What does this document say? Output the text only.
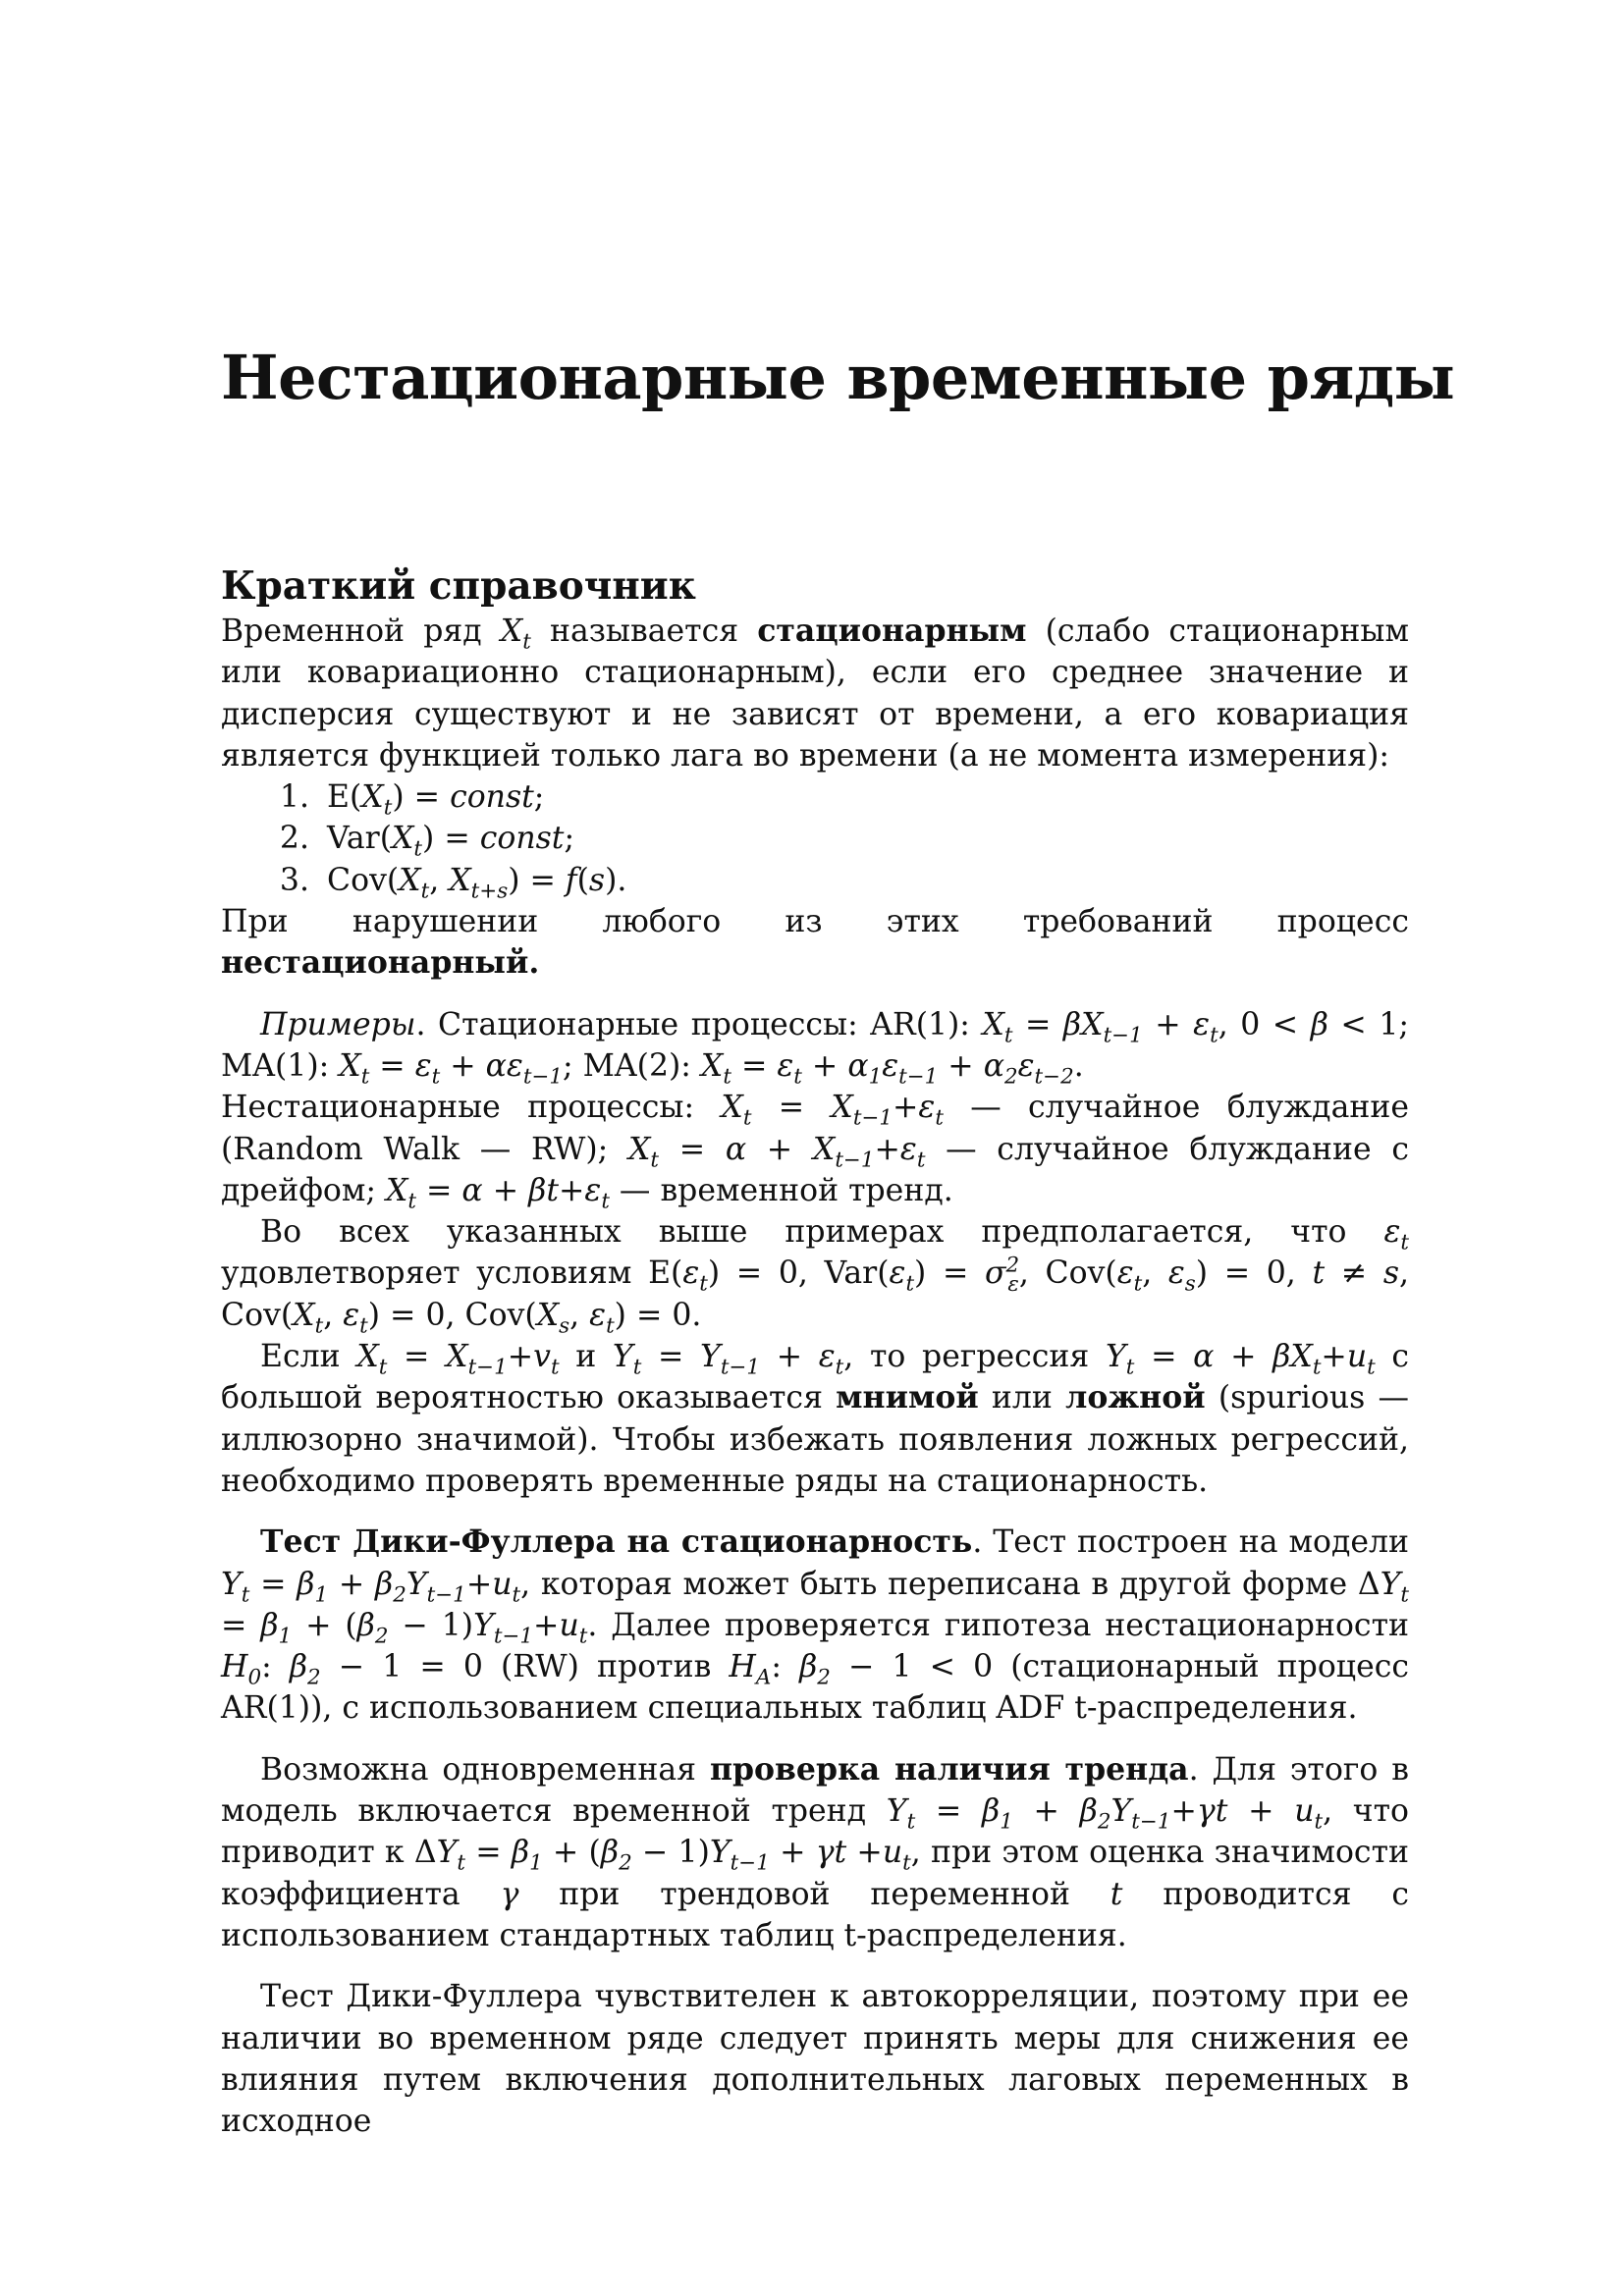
Нестационарные временные ряды
Краткий справочник

Временной ряд $X_t$ называется стационарным (слабо стационарным или ковариационно стационарным), если его среднее значение и дисперсия существуют и не зависят от времени, а его ковариация является функцией только лага во времени (а не момента измерения):

1. $E(X_t)$ = const;
2. $Var(X_t)$ = const;
3. $Cov(X_t$, $X_{t+s}) = f(s)$.

При нарушении любого из этих требований процесс нестационарный.

Примеры. Стационарные процессы: AR(1): $X_t = \beta X_{t-1} + \varepsilon_t$, 0 < β < 1; MA(1): $X_t = \varepsilon_t + \alpha\varepsilon_{t-1}$; MA(2): $X_t = \varepsilon_t + \alpha_1\varepsilon_{t-1} + \alpha_2\varepsilon_{t-2}$.
Нестационарные процессы: $X_t = X_{t-1}+\varepsilon_t$ — случайное блуждание (Random Walk — RW); $X_t = \alpha + X_{t-1}+\varepsilon_t$ — случайное блуждание с дрейфом; $X_t = \alpha + \beta t+\varepsilon_t$ — временной тренд.

Во всех указанных выше примерах предполагается, что $\varepsilon_t$ удовлетворяет условиям $E(\varepsilon_t) = 0$, $Var(\varepsilon_t) = \sigma^2_\varepsilon$, $Cov(\varepsilon_t$, $\varepsilon_s) = 0$, t ≠ s, $Cov(X_t$, $\varepsilon_t) = 0$, $Cov(X_s$, $\varepsilon_t) = 0$.

Если $X_t = X_{t-1}+v_t$ и $Y_t = Y_{t-1} + \varepsilon_t$, то регрессия $Y_t = \alpha + \beta X_t+u_t$ с большой вероятностью оказывается мнимой или ложной (spurious — иллюзорно значимой). Чтобы избежать появления ложных регрессий, необходимо проверять временные ряды на стационарность.

Тест Дики-Фуллера на стационарность. Тест построен на модели $Y_t = \beta_1 + \beta_2Y_{t-1}+u_t$, которая может быть переписана в другой форме $\Delta Y_t = \beta_1 + (\beta_2 - 1)Y_{t-1}+u_t$. Далее проверяется гипотеза нестационарности $H_0$: $\beta_2 - 1 = 0$ (RW) против $H_A$: $\beta_2 - 1 < 0$ (стационарный процесс AR(1)), с использованием специальных таблиц ADF t-распределения.

Возможна одновременная проверка наличия тренда. Для этого в модель включается временной тренд $Y_t = \beta_1 + \beta_2Y_{t-1}+\gamma t + u_t$, что приводит к $\Delta Y_t = \beta_1 + (\beta_2 - 1)Y_{t-1} + \gamma t +u_t$, при этом оценка значимости коэффициента γ при трендовой переменной t проводится с использованием стандартных таблиц t-распределения.

Тест Дики-Фуллера чувствителен к автокорреляции, поэтому при ее наличии во временном ряде следует принять меры для снижения ее влияния путем включения дополнительных лаговых переменных в исходное
